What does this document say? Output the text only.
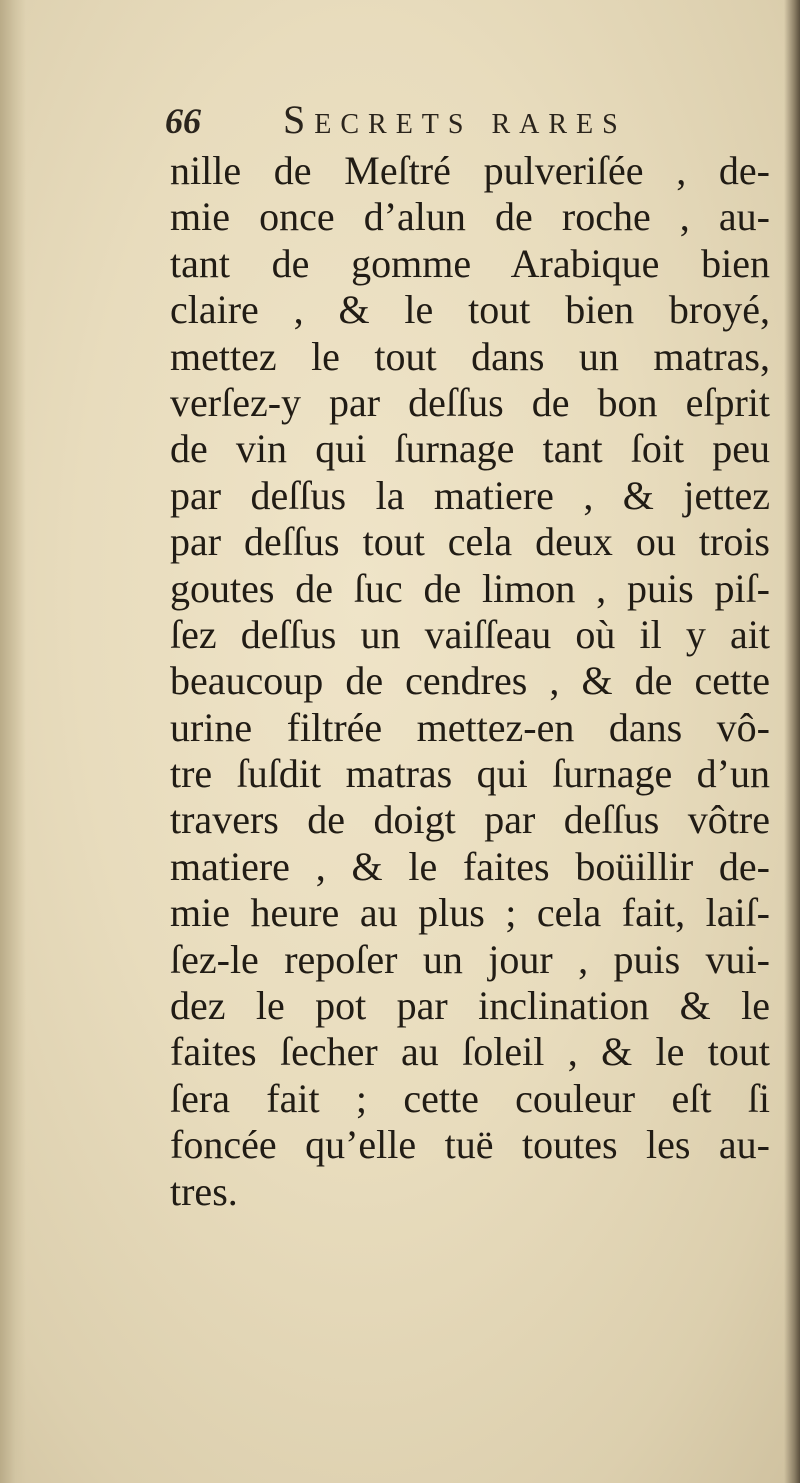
66 Secrets rares
nille de Meſtré pulveriſée , de-
mie once d’alun de roche , au-
tant de gomme Arabique bien
claire , & le tout bien broyé,
mettez le tout dans un matras,
verſez-y par deſſus de bon eſprit
de vin qui ſurnage tant ſoit peu
par deſſus la matiere , & jettez
par deſſus tout cela deux ou trois
goutes de ſuc de limon , puis piſ-
ſez deſſus un vaiſſeau où il y ait
beaucoup de cendres , & de cette
urine filtrée mettez-en dans vô-
tre ſuſdit matras qui ſurnage d’un
travers de doigt par deſſus vôtre
matiere , & le faites boüillir de-
mie heure au plus ; cela fait, laiſ-
ſez-le repoſer un jour , puis vui-
dez le pot par inclination & le
faites ſecher au ſoleil , & le tout
ſera fait ; cette couleur eſt ſi
foncée qu’elle tuë toutes les au-
tres.
